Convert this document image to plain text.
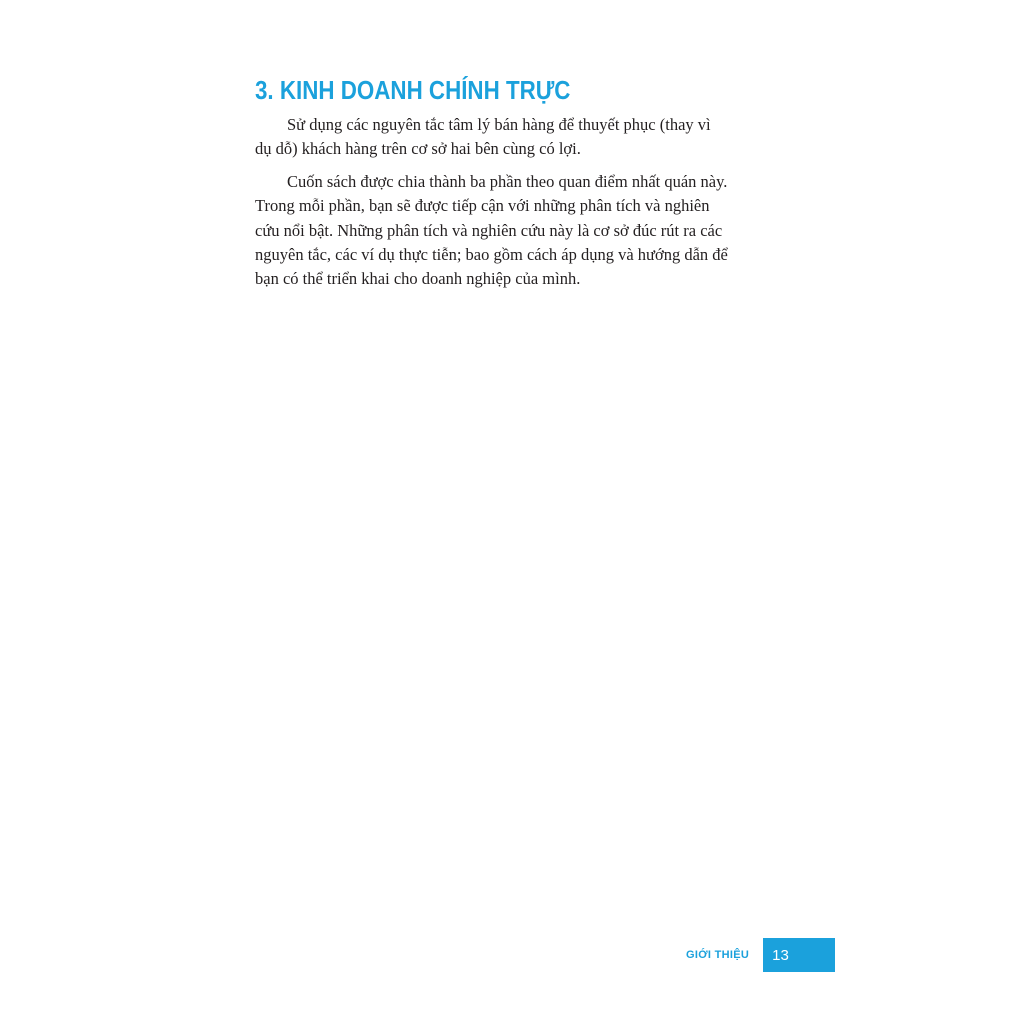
3. KINH DOANH CHÍNH TRỰC

Sử dụng các nguyên tắc tâm lý bán hàng để thuyết phục (thay vì
dụ dỗ) khách hàng trên cơ sở hai bên cùng có lợi.

Cuốn sách được chia thành ba phần theo quan điểm nhất quán này.
Trong mỗi phần, bạn sẽ được tiếp cận với những phân tích và nghiên
cứu nổi bật. Những phân tích và nghiên cứu này là cơ sở đúc rút ra các
nguyên tắc, các ví dụ thực tiễn; bao gồm cách áp dụng và hướng dẫn để
bạn có thể triển khai cho doanh nghiệp của mình.

GIỚI THIỆU 13
